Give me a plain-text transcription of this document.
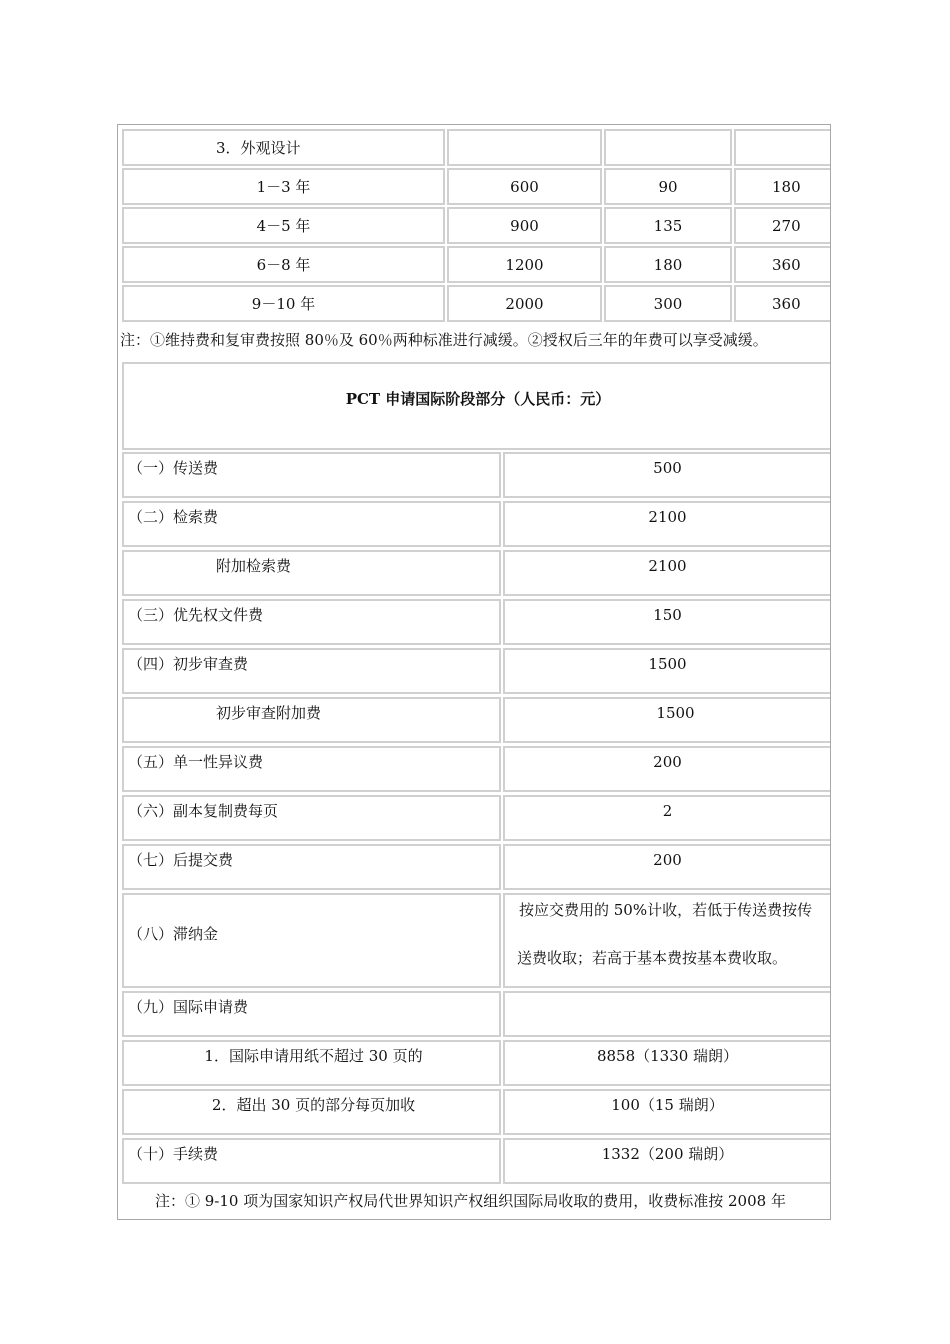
3．外观设计
1－3 年	600	90	180
4－5 年	900	135	270
6－8 年	1200	180	360
9－10 年	2000	300	360
注：①维持费和复审费按照 80％及 60％两种标准进行减缓。②授权后三年的年费可以享受减缓。
PCT 申请国际阶段部分（人民币：元）
（一）传送费	500
（二）检索费	2100
附加检索费	2100
（三）优先权文件费	150
（四）初步审查费	1500
初步审查附加费	1500
（五）单一性异议费	200
（六）副本复制费每页	2
（七）后提交费	200
（八）滞纳金
按应交费用的 50%计收，若低于传送费按传
送费收取；若高于基本费按基本费收取。
（九）国际申请费
1．国际申请用纸不超过 30 页的	8858（1330 瑞朗）
2．超出 30 页的部分每页加收	100（15 瑞朗）
（十）手续费	1332（200 瑞朗）
注：① 9-10 项为国家知识产权局代世界知识产权组织国际局收取的费用，收费标准按 2008 年
